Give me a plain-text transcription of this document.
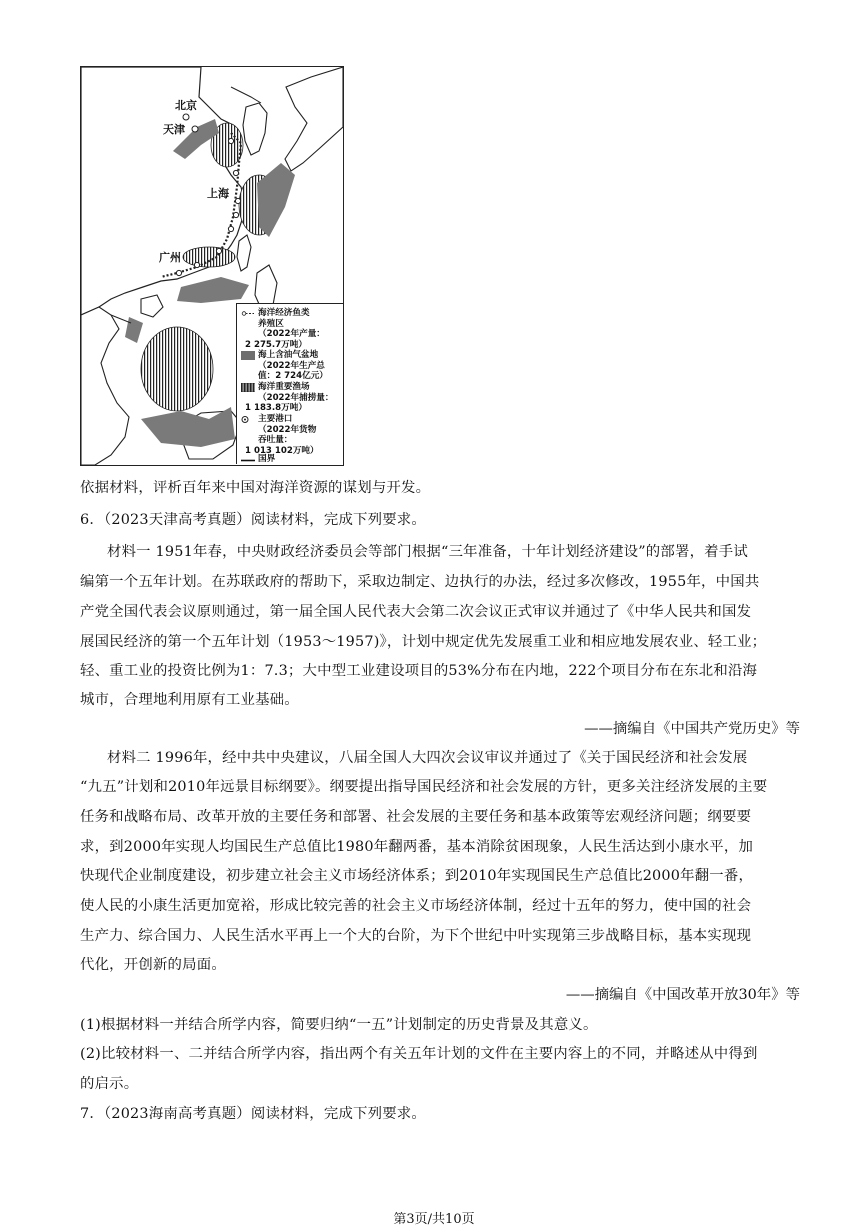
北京
天津
上海
广州
海洋经济鱼类
养殖区
（2022年产量：
2 275.7万吨）
海上含油气盆地
（2022年生产总
值：2 724亿元）
海洋重要渔场
（2022年捕捞量：
1 183.8万吨）
主要港口
（2022年货物
吞吐量：
1 013 102万吨）
国界
依据材料，评析百年来中国对海洋资源的谋划与开发。
6．（2023天津高考真题）阅读材料，完成下列要求。
材料一 1951年春，中央财政经济委员会等部门根据“三年准备，十年计划经济建设”的部署，着手试
编第一个五年计划。在苏联政府的帮助下，采取边制定、边执行的办法，经过多次修改，1955年，中国共
产党全国代表会议原则通过，第一届全国人民代表大会第二次会议正式审议并通过了《中华人民共和国发
展国民经济的第一个五年计划（1953～1957)》，计划中规定优先发展重工业和相应地发展农业、轻工业；
轻、重工业的投资比例为1：7.3；大中型工业建设项目的53%分布在内地，222个项目分布在东北和沿海
城市，合理地利用原有工业基础。
——摘编自《中国共产党历史》等
材料二 1996年，经中共中央建议，八届全国人大四次会议审议并通过了《关于国民经济和社会发展
“九五”计划和2010年远景目标纲要》。纲要提出指导国民经济和社会发展的方针，更多关注经济发展的主要
任务和战略布局、改革开放的主要任务和部署、社会发展的主要任务和基本政策等宏观经济问题；纲要要
求，到2000年实现人均国民生产总值比1980年翻两番，基本消除贫困现象，人民生活达到小康水平，加
快现代企业制度建设，初步建立社会主义市场经济体系；到2010年实现国民生产总值比2000年翻一番，
使人民的小康生活更加宽裕，形成比较完善的社会主义市场经济体制，经过十五年的努力，使中国的社会
生产力、综合国力、人民生活水平再上一个大的台阶，为下个世纪中叶实现第三步战略目标，基本实现现
代化，开创新的局面。
——摘编自《中国改革开放30年》等
(1)根据材料一并结合所学内容，简要归纳“一五”计划制定的历史背景及其意义。
(2)比较材料一、二并结合所学内容，指出两个有关五年计划的文件在主要内容上的不同，并略述从中得到
的启示。
7．（2023海南高考真题）阅读材料，完成下列要求。
第3页/共10页
